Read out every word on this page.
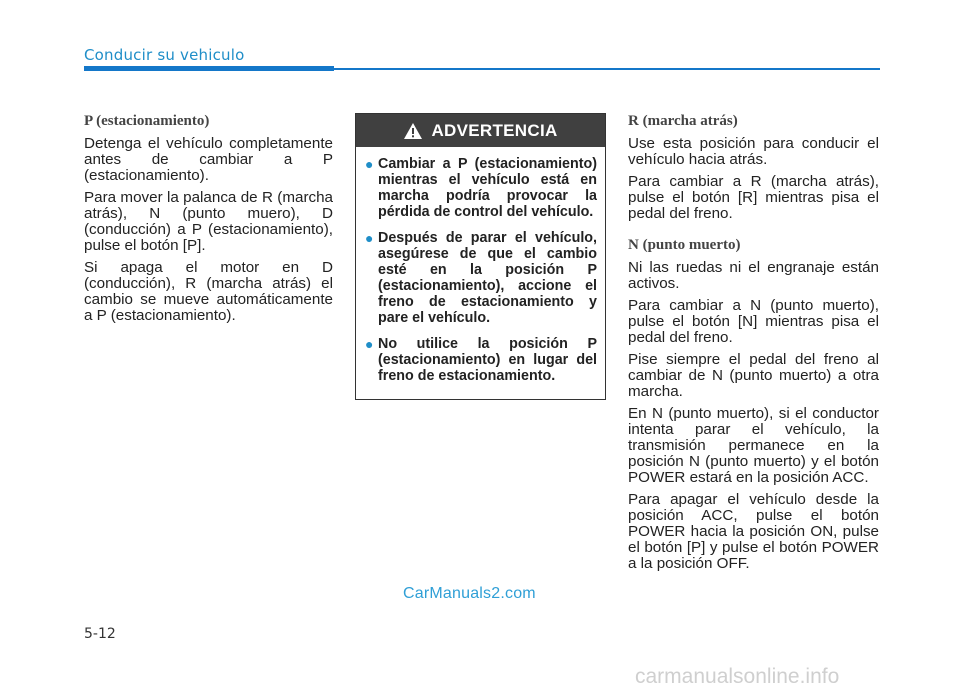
Conducir su vehiculo
P (estacionamiento)
Detenga el vehículo completamente antes de cambiar a P (estacionamiento).
Para mover la palanca de R (marcha atrás), N (punto muero), D (conducción) a P (estacionamiento), pulse el botón [P].
Si apaga el motor en D (conducción), R (marcha atrás) el cambio se mueve automáticamente a P (estacionamiento).
ADVERTENCIA
● Cambiar a P (estacionamiento) mientras el vehículo está en marcha podría provocar la pérdida de control del vehículo.
● Después de parar el vehículo, asegúrese de que el cambio esté en la posición P (estacionamiento), accione el freno de estacionamiento y pare el vehículo.
● No utilice la posición P (estacionamiento) en lugar del freno de estacionamiento.
R (marcha atrás)
Use esta posición para conducir el vehículo hacia atrás.
Para cambiar a R (marcha atrás), pulse el botón [R] mientras pisa el pedal del freno.
N (punto muerto)
Ni las ruedas ni el engranaje están activos.
Para cambiar a N (punto muerto), pulse el botón [N] mientras pisa el pedal del freno.
Pise siempre el pedal del freno al cambiar de N (punto muerto) a otra marcha.
En N (punto muerto), si el conductor intenta parar el vehículo, la transmisión permanece en la posición N (punto muerto) y el botón POWER estará en la posición ACC.
Para apagar el vehículo desde la posición ACC, pulse el botón POWER hacia la posición ON, pulse el botón [P] y pulse el botón POWER a la posición OFF.
CarManuals2.com
5-12
carmanualsonline.info
